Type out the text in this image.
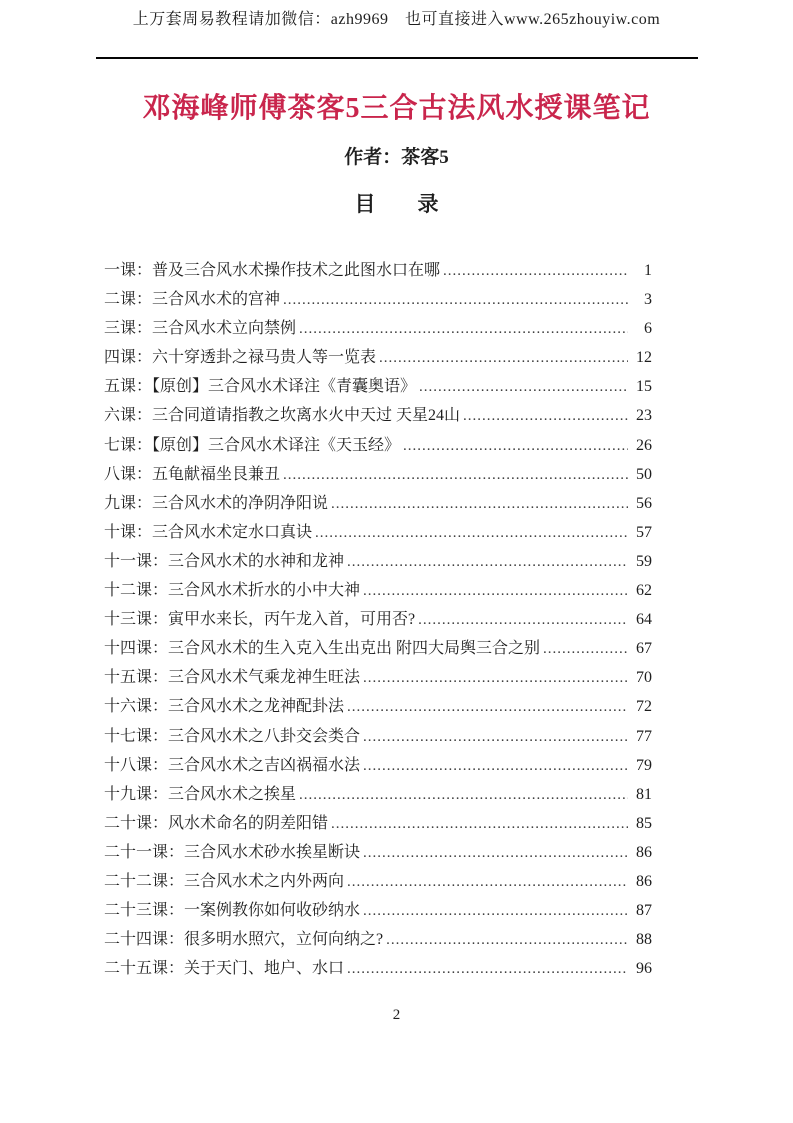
上万套周易教程请加微信：azh9969　也可直接进入www.265zhouyiw.com
邓海峰师傅茶客5三合古法风水授课笔记
作者：茶客5
目　　录
一课：普及三合风水术操作技术之此图水口在哪 .....	1
二课：三合风水术的宫神 .....	3
三课：三合风水术立向禁例 .....	6
四课：六十穿透卦之禄马贵人等一览表 .....	12
五课：【原创】三合风水术译注《青囊奥语》 .....	15
六课：三合同道请指教之坎离水火中天过 天星24山 .....	23
七课：【原创】三合风水术译注《天玉经》 .....	26
八课：五龟献福坐艮兼丑 .....	50
九课：三合风水术的净阴净阳说 .....	56
十课：三合风水术定水口真诀 .....	57
十一课：三合风水术的水神和龙神 .....	59
十二课：三合风水术折水的小中大神 .....	62
十三课：寅甲水来长，丙午龙入首，可用否? .....	64
十四课：三合风水术的生入克入生出克出 附四大局舆三合之别 .....	67
十五课：三合风水术气乘龙神生旺法 .....	70
十六课：三合风水术之龙神配卦法 .....	72
十七课：三合风水术之八卦交会类合 .....	77
十八课：三合风水术之吉凶祸福水法 .....	79
十九课：三合风水术之挨星 .....	81
二十课：风水术命名的阴差阳错 .....	85
二十一课：三合风水术砂水挨星断诀 .....	86
二十二课：三合风水术之内外两向 .....	86
二十三课：一案例教你如何收砂纳水 .....	87
二十四课：很多明水照穴，立何向纳之? .....	88
二十五课：关于天门、地户、水口 .....	96
2
